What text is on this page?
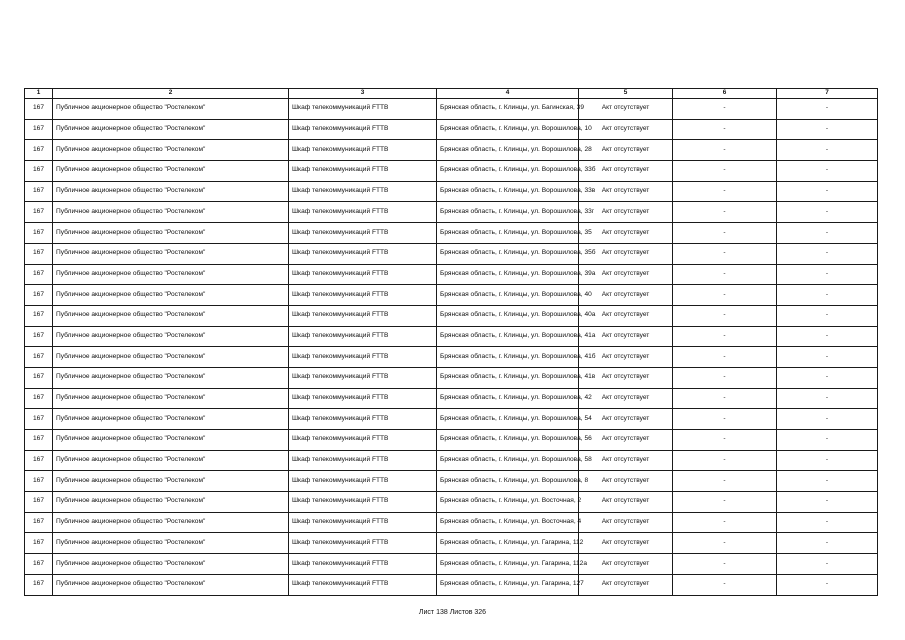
1	2	3	4	5	6	7
167	Публичное акционерное общество "Ростелеком"	Шкаф телекоммуникаций FTTB	Брянская область, г. Клинцы, ул. Багинская, 39	Акт отсутствует	-	-
167	Публичное акционерное общество "Ростелеком"	Шкаф телекоммуникаций FTTB	Брянская область, г. Клинцы, ул. Ворошилова, 10	Акт отсутствует	-	-
167	Публичное акционерное общество "Ростелеком"	Шкаф телекоммуникаций FTTB	Брянская область, г. Клинцы, ул. Ворошилова, 28	Акт отсутствует	-	-
167	Публичное акционерное общество "Ростелеком"	Шкаф телекоммуникаций FTTB	Брянская область, г. Клинцы, ул. Ворошилова, 33б	Акт отсутствует	-	-
167	Публичное акционерное общество "Ростелеком"	Шкаф телекоммуникаций FTTB	Брянская область, г. Клинцы, ул. Ворошилова, 33в	Акт отсутствует	-	-
167	Публичное акционерное общество "Ростелеком"	Шкаф телекоммуникаций FTTB	Брянская область, г. Клинцы, ул. Ворошилова, 33г	Акт отсутствует	-	-
167	Публичное акционерное общество "Ростелеком"	Шкаф телекоммуникаций FTTB	Брянская область, г. Клинцы, ул. Ворошилова, 35	Акт отсутствует	-	-
167	Публичное акционерное общество "Ростелеком"	Шкаф телекоммуникаций FTTB	Брянская область, г. Клинцы, ул. Ворошилова, 35б	Акт отсутствует	-	-
167	Публичное акционерное общество "Ростелеком"	Шкаф телекоммуникаций FTTB	Брянская область, г. Клинцы, ул. Ворошилова, 39а	Акт отсутствует	-	-
167	Публичное акционерное общество "Ростелеком"	Шкаф телекоммуникаций FTTB	Брянская область, г. Клинцы, ул. Ворошилова, 40	Акт отсутствует	-	-
167	Публичное акционерное общество "Ростелеком"	Шкаф телекоммуникаций FTTB	Брянская область, г. Клинцы, ул. Ворошилова, 40а	Акт отсутствует	-	-
167	Публичное акционерное общество "Ростелеком"	Шкаф телекоммуникаций FTTB	Брянская область, г. Клинцы, ул. Ворошилова, 41а	Акт отсутствует	-	-
167	Публичное акционерное общество "Ростелеком"	Шкаф телекоммуникаций FTTB	Брянская область, г. Клинцы, ул. Ворошилова, 41б	Акт отсутствует	-	-
167	Публичное акционерное общество "Ростелеком"	Шкаф телекоммуникаций FTTB	Брянская область, г. Клинцы, ул. Ворошилова, 41в	Акт отсутствует	-	-
167	Публичное акционерное общество "Ростелеком"	Шкаф телекоммуникаций FTTB	Брянская область, г. Клинцы, ул. Ворошилова, 42	Акт отсутствует	-	-
167	Публичное акционерное общество "Ростелеком"	Шкаф телекоммуникаций FTTB	Брянская область, г. Клинцы, ул. Ворошилова, 54	Акт отсутствует	-	-
167	Публичное акционерное общество "Ростелеком"	Шкаф телекоммуникаций FTTB	Брянская область, г. Клинцы, ул. Ворошилова, 56	Акт отсутствует	-	-
167	Публичное акционерное общество "Ростелеком"	Шкаф телекоммуникаций FTTB	Брянская область, г. Клинцы, ул. Ворошилова, 58	Акт отсутствует	-	-
167	Публичное акционерное общество "Ростелеком"	Шкаф телекоммуникаций FTTB	Брянская область, г. Клинцы, ул. Ворошилова, 8	Акт отсутствует	-	-
167	Публичное акционерное общество "Ростелеком"	Шкаф телекоммуникаций FTTB	Брянская область, г. Клинцы, ул. Восточная, 2	Акт отсутствует	-	-
167	Публичное акционерное общество "Ростелеком"	Шкаф телекоммуникаций FTTB	Брянская область, г. Клинцы, ул. Восточная, 4	Акт отсутствует	-	-
167	Публичное акционерное общество "Ростелеком"	Шкаф телекоммуникаций FTTB	Брянская область, г. Клинцы, ул. Гагарина, 112	Акт отсутствует	-	-
167	Публичное акционерное общество "Ростелеком"	Шкаф телекоммуникаций FTTB	Брянская область, г. Клинцы, ул. Гагарина, 112а	Акт отсутствует	-	-
167	Публичное акционерное общество "Ростелеком"	Шкаф телекоммуникаций FTTB	Брянская область, г. Клинцы, ул. Гагарина, 127	Акт отсутствует	-	-
Лист 138 Листов 326
